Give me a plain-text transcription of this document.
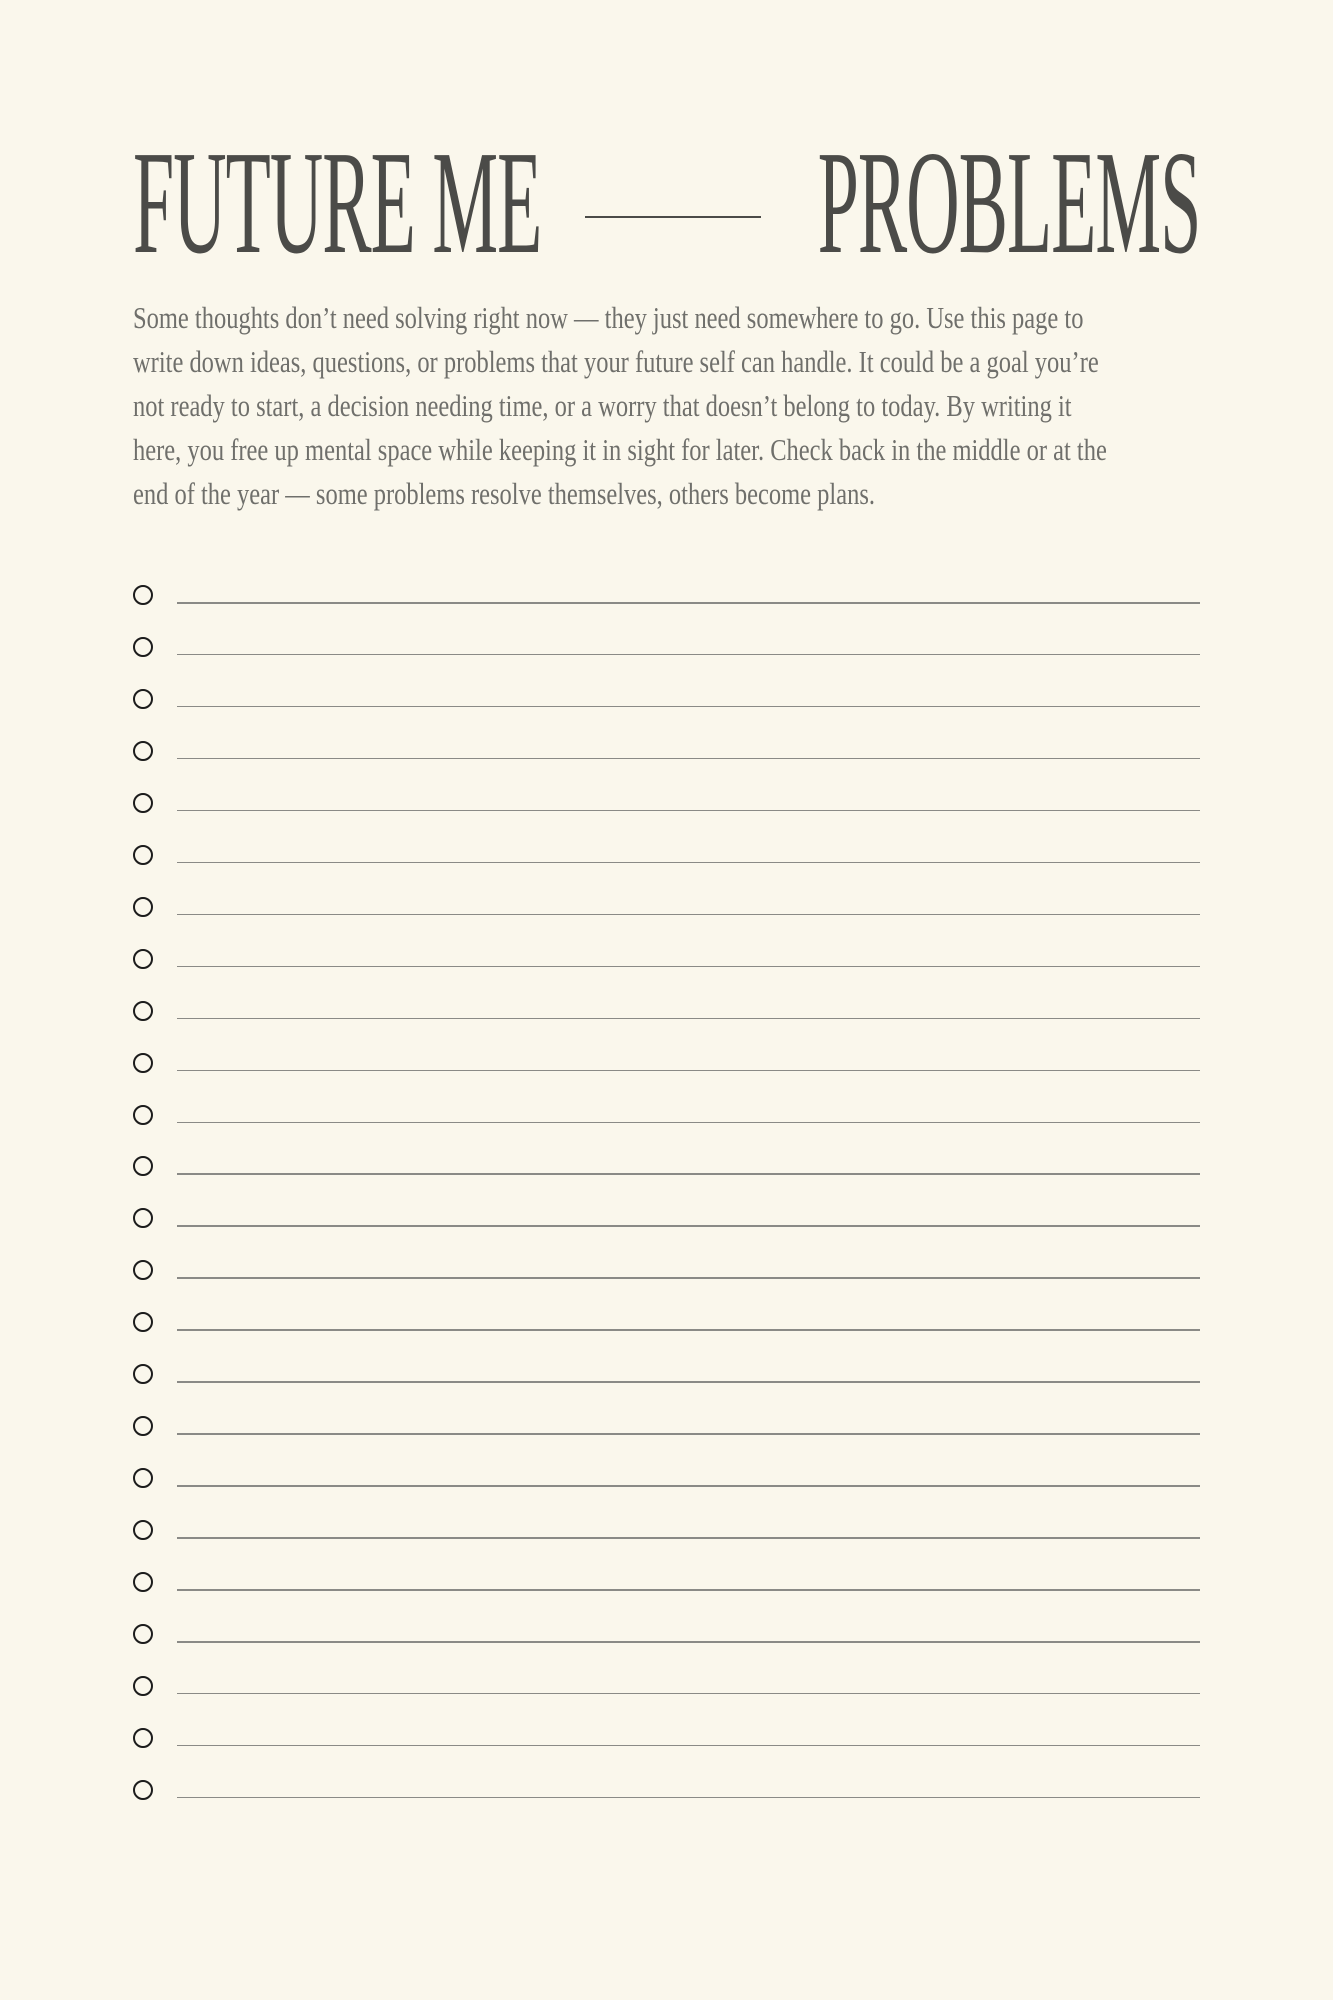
FUTURE ME PROBLEMS
Some thoughts don’t need solving right now — they just need somewhere to go. Use this page to
write down ideas, questions, or problems that your future self can handle. It could be a goal you’re
not ready to start, a decision needing time, or a worry that doesn’t belong to today. By writing it
here, you free up mental space while keeping it in sight for later. Check back in the middle or at the
end of the year — some problems resolve themselves, others become plans.
